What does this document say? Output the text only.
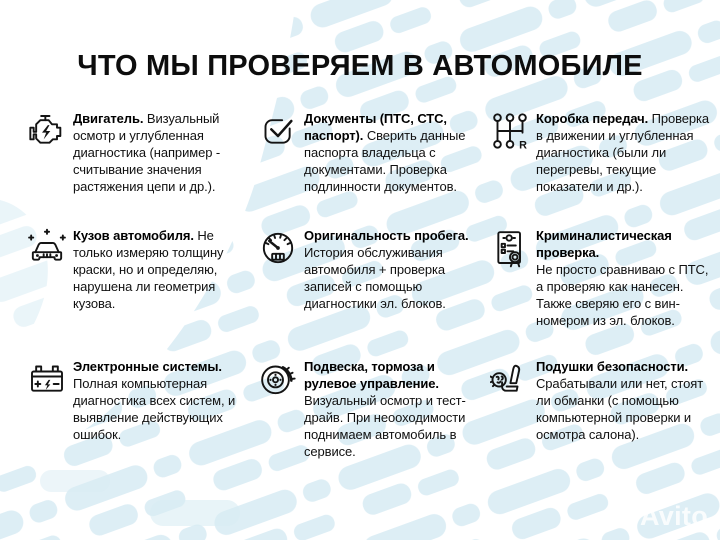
ЧТО МЫ ПРОВЕРЯЕМ В АВТОМОБИЛЕ
Двигатель. Визуальный осмотр и углубленная диагностика (например - считывание значения растяжения цепи и др.).
Документы (ПТС, СТС, паспорт). Сверить данные паспорта владельца с документами. Проверка подлинности документов.
R
Коробка передач. Проверка в движении и углубленная диагностика (были ли перегревы, текущие показатели и др.).
Кузов автомобиля. Не только измеряю толщину краски, но и определяю, нарушена ли геометрия кузова.
Оригинальность пробега. История обслуживания автомобиля + проверка записей с помощью диагностики эл. блоков.
Криминалистическая проверка.
Не просто сравниваю с ПТС, а проверяю как нанесен. Также сверяю его с вин-номером из эл. блоков.
Электронные системы. Полная компьютерная диагностика всех систем, и выявление действующих ошибок.
Подвеска, тормоза и рулевое управление. Визуальный осмотр и тест-драйв. При неооходимости поднимаем автомобиль в сервисе.
Подушки безопасности. Срабатывали или нет, стоят ли обманки (с помощью компьютерной проверки и осмотра салона).
Avito
